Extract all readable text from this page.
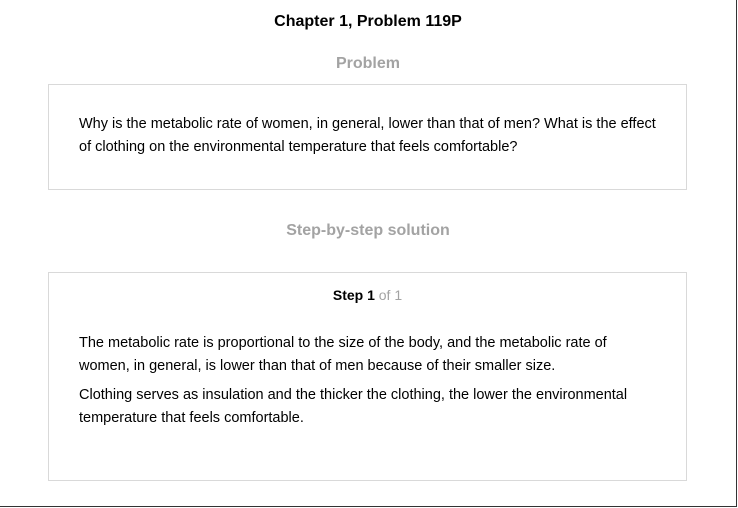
Chapter 1, Problem 119P
Problem

Why is the metabolic rate of women, in general, lower than that of men? What is the effect of clothing on the environmental temperature that feels comfortable?

Step-by-step solution
Step 1 of 1

The metabolic rate is proportional to the size of the body, and the metabolic rate of women, in general, is lower than that of men because of their smaller size.

Clothing serves as insulation and the thicker the clothing, the lower the environmental temperature that feels comfortable.
